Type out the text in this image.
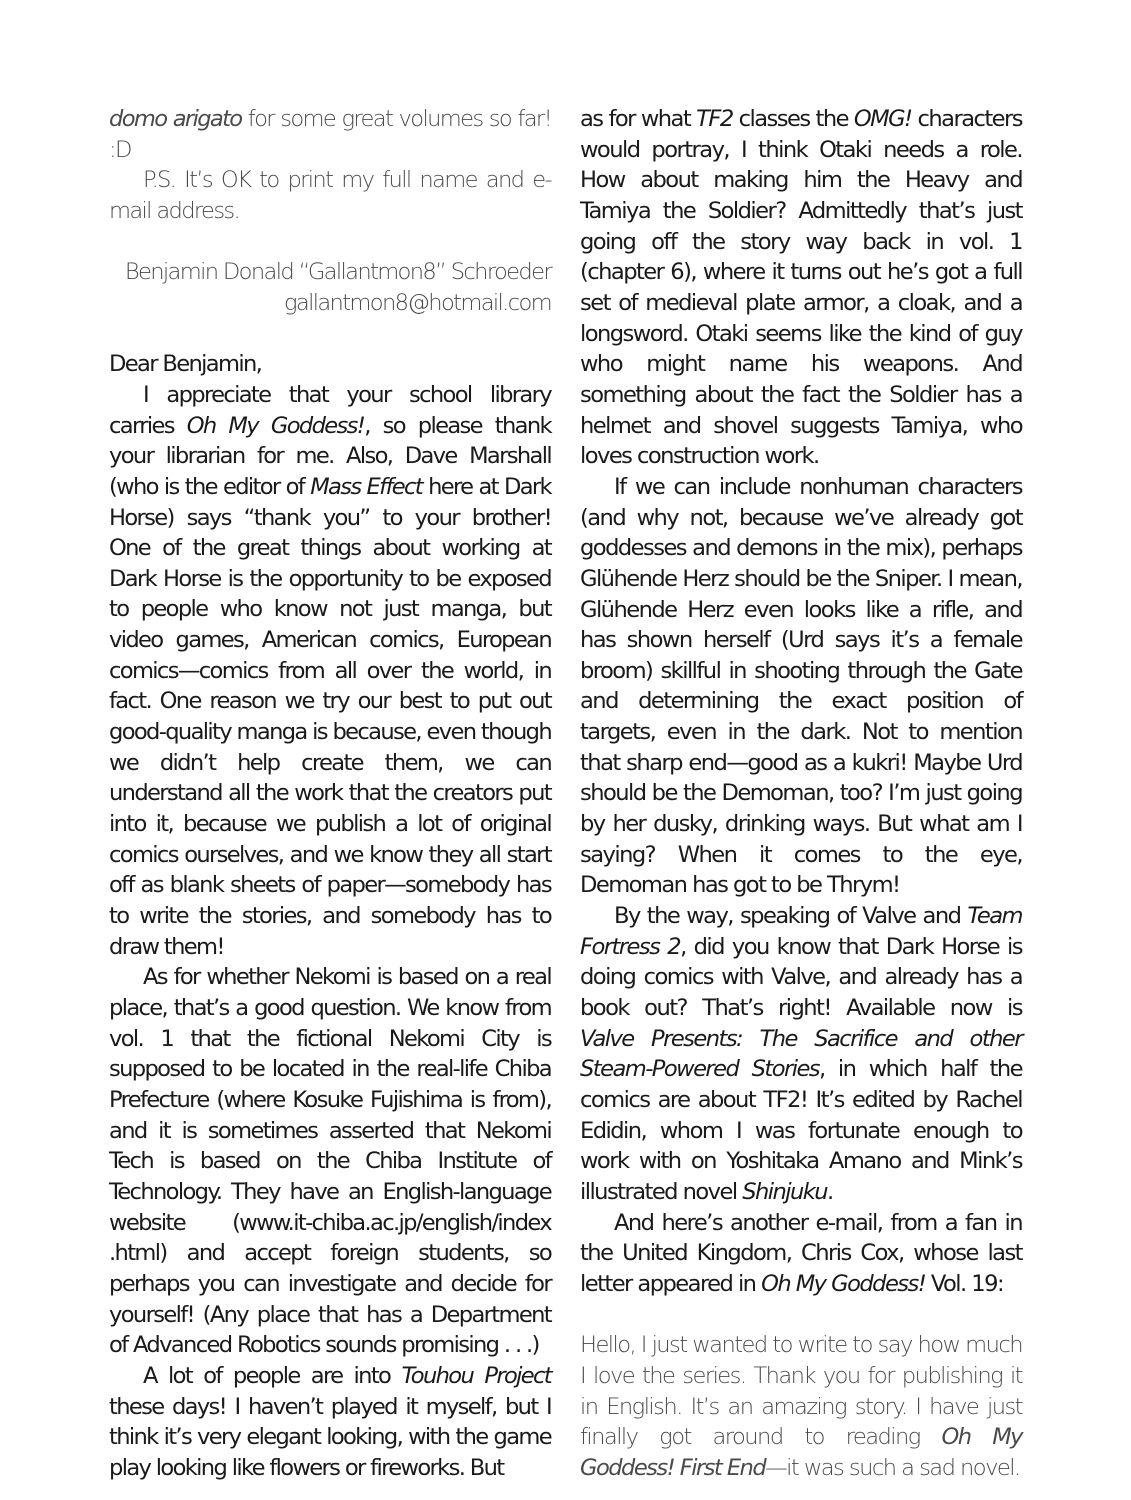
domo arigato for some great volumes so far! :D

P.S. It’s OK to print my full name and e-mail address.

Benjamin Donald “Gallantmon8” Schroeder

gallantmon8@hotmail.com

Dear Benjamin,

I appreciate that your school library carries Oh My Goddess!, so please thank your librarian for me. Also, Dave Marshall (who is the editor of Mass Effect here at Dark Horse) says “thank you” to your brother! One of the great things about working at Dark Horse is the opportunity to be exposed to people who know not just manga, but video games, American comics, European comics—comics from all over the world, in fact. One reason we try our best to put out good-quality manga is because, even though we didn’t help create them, we can understand all the work that the creators put into it, because we publish a lot of original comics ourselves, and we know they all start off as blank sheets of paper—somebody has to write the stories, and somebody has to draw them!

As for whether Nekomi is based on a real place, that’s a good question. We know from vol. 1 that the fictional Nekomi City is supposed to be located in the real-life Chiba Prefecture (where Kosuke Fujishima is from), and it is sometimes asserted that Nekomi Tech is based on the Chiba Institute of Technology. They have an English-language website (www.it-chiba.ac.jp/english/index .html) and accept foreign students, so perhaps you can investigate and decide for yourself! (Any place that has a Department of Advanced Robotics sounds promising . . .)

A lot of people are into Touhou Project these days! I haven’t played it myself, but I think it’s very elegant looking, with the game play looking like flowers or fireworks. But

as for what TF2 classes the OMG! characters would portray, I think Otaki needs a role. How about making him the Heavy and Tamiya the Soldier? Admittedly that’s just going off the story way back in vol. 1 (chapter 6), where it turns out he’s got a full set of medieval plate armor, a cloak, and a longsword. Otaki seems like the kind of guy who might name his weapons. And something about the fact the Soldier has a helmet and shovel suggests Tamiya, who loves construction work.

If we can include nonhuman characters (and why not, because we’ve already got goddesses and demons in the mix), perhaps Glühende Herz should be the Sniper. I mean, Glühende Herz even looks like a rifle, and has shown herself (Urd says it’s a female broom) skillful in shooting through the Gate and determining the exact position of targets, even in the dark. Not to mention that sharp end—good as a kukri! Maybe Urd should be the Demoman, too? I’m just going by her dusky, drinking ways. But what am I saying? When it comes to the eye, Demoman has got to be Thrym!

By the way, speaking of Valve and Team Fortress 2, did you know that Dark Horse is doing comics with Valve, and already has a book out? That’s right! Available now is Valve Presents: The Sacrifice and other Steam-Powered Stories, in which half the comics are about TF2! It’s edited by Rachel Edidin, whom I was fortunate enough to work with on Yoshitaka Amano and Mink’s illustrated novel Shinjuku.

And here’s another e-mail, from a fan in the United Kingdom, Chris Cox, whose last letter appeared in Oh My Goddess! Vol. 19:

Hello, I just wanted to write to say how much I love the series. Thank you for publishing it in English. It’s an amazing story. I have just finally got around to reading Oh My Goddess! First End—it was such a sad novel.
